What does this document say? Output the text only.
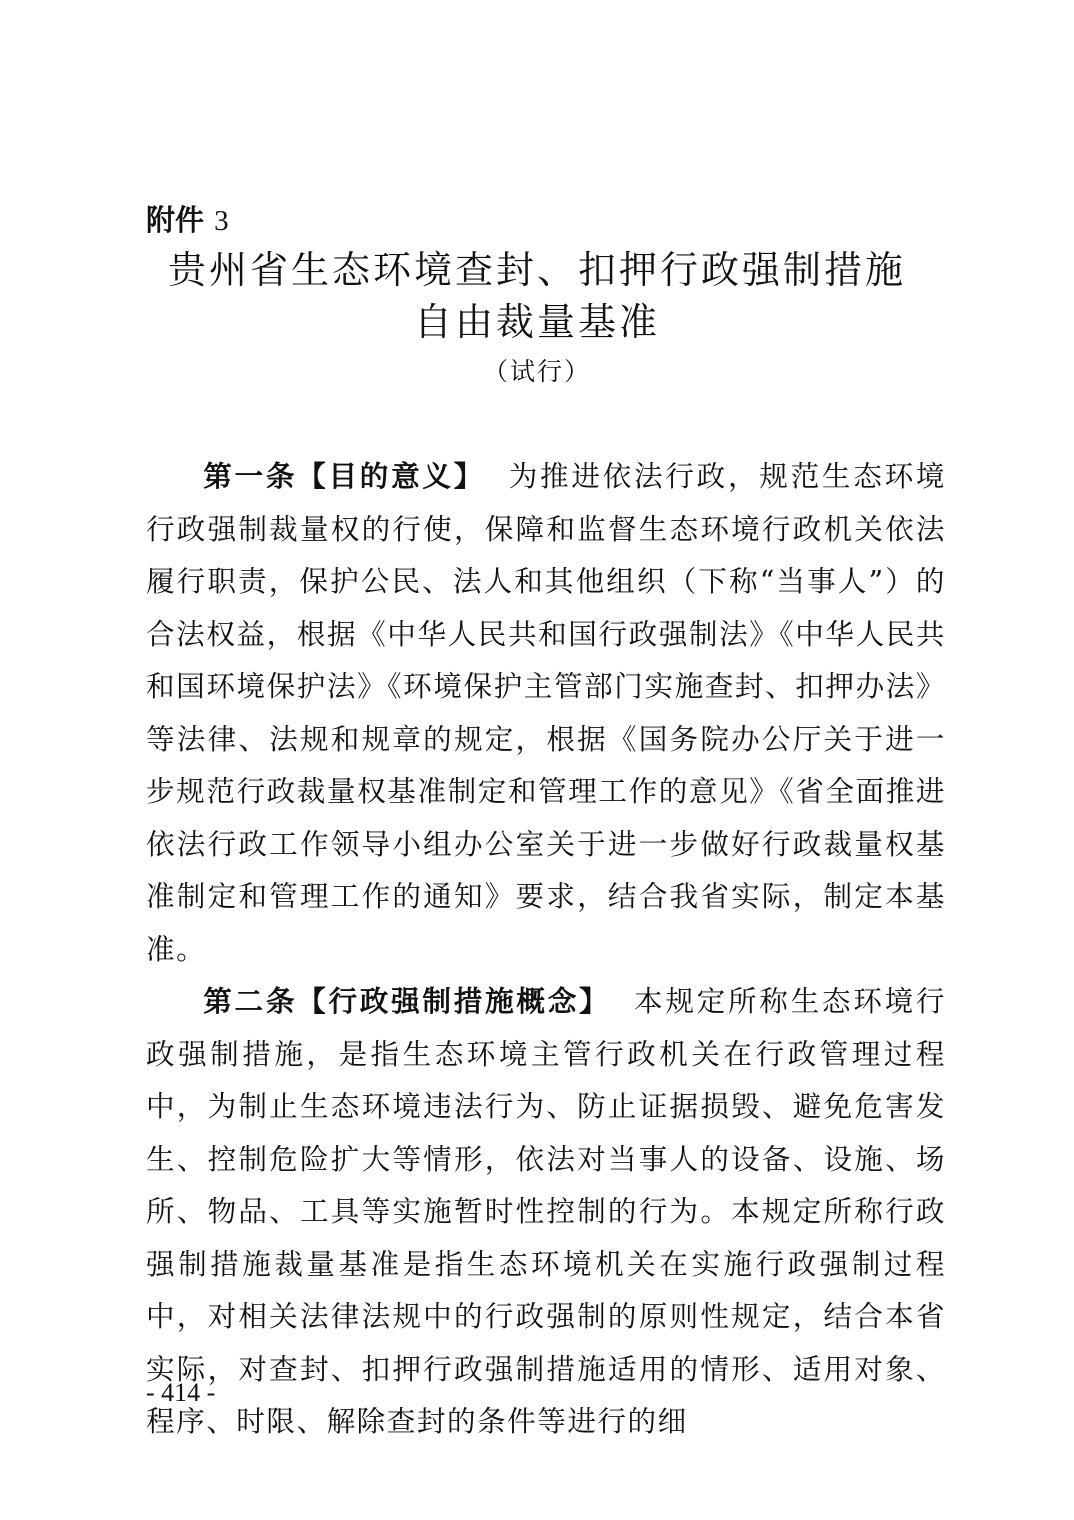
附件 3
贵州省生态环境查封、扣押行政强制措施
自由裁量基准
（试行）

第一条【目的意义】 为推进依法行政，规范生态环境行政强制裁量权的行使，保障和监督生态环境行政机关依法履行职责，保护公民、法人和其他组织（下称“当事人”）的合法权益，根据《中华人民共和国行政强制法》《中华人民共和国环境保护法》《环境保护主管部门实施查封、扣押办法》等法律、法规和规章的规定，根据《国务院办公厅关于进一步规范行政裁量权基准制定和管理工作的意见》《省全面推进依法行政工作领导小组办公室关于进一步做好行政裁量权基准制定和管理工作的通知》要求，结合我省实际，制定本基准。

第二条【行政强制措施概念】 本规定所称生态环境行政强制措施，是指生态环境主管行政机关在行政管理过程中，为制止生态环境违法行为、防止证据损毁、避免危害发生、控制危险扩大等情形，依法对当事人的设备、设施、场所、物品、工具等实施暂时性控制的行为。本规定所称行政强制措施裁量基准是指生态环境机关在实施行政强制过程中，对相关法律法规中的行政强制的原则性规定，结合本省实际，对查封、扣押行政强制措施适用的情形、适用对象、程序、时限、解除查封的条件等进行的细

- 414 -
